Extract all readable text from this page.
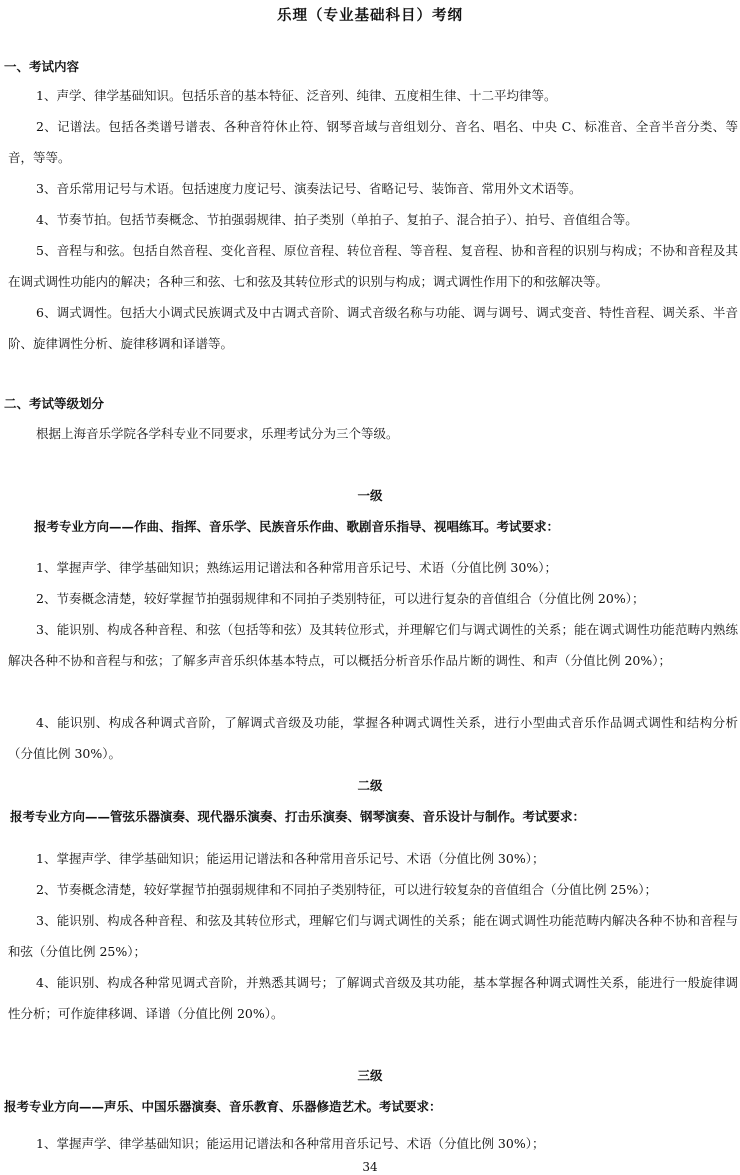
乐理（专业基础科目）考纲
一、考试内容

1、声学、律学基础知识。包括乐音的基本特征、泛音列、纯律、五度相生律、十二平均律等。

2、记谱法。包括各类谱号谱表、各种音符休止符、钢琴音域与音组划分、音名、唱名、中央 C、标准音、全音半音分类、等音，等等。

3、音乐常用记号与术语。包括速度力度记号、演奏法记号、省略记号、装饰音、常用外文术语等。

4、节奏节拍。包括节奏概念、节拍强弱规律、拍子类别（单拍子、复拍子、混合拍子）、拍号、音值组合等。

5、音程与和弦。包括自然音程、变化音程、原位音程、转位音程、等音程、复音程、协和音程的识别与构成；不协和音程及其在调式调性功能内的解决；各种三和弦、七和弦及其转位形式的识别与构成；调式调性作用下的和弦解决等。

6、调式调性。包括大小调式民族调式及中古调式音阶、调式音级名称与功能、调与调号、调式变音、特性音程、调关系、半音阶、旋律调性分析、旋律移调和译谱等。

二、考试等级划分

根据上海音乐学院各学科专业不同要求，乐理考试分为三个等级。

一级
报考专业方向——作曲、指挥、音乐学、民族音乐作曲、歌剧音乐指导、视唱练耳。考试要求：

1、掌握声学、律学基础知识；熟练运用记谱法和各种常用音乐记号、术语（分值比例 30%）；

2、节奏概念清楚，较好掌握节拍强弱规律和不同拍子类别特征，可以进行复杂的音值组合（分值比例 20%）；

3、能识别、构成各种音程、和弦（包括等和弦）及其转位形式，并理解它们与调式调性的关系；能在调式调性功能范畴内熟练解决各种不协和音程与和弦；了解多声音乐织体基本特点，可以概括分析音乐作品片断的调性、和声（分值比例 20%）；

4、能识别、构成各种调式音阶，了解调式音级及功能，掌握各种调式调性关系，进行小型曲式音乐作品调式调性和结构分析（分值比例 30%）。

二级
报考专业方向——管弦乐器演奏、现代器乐演奏、打击乐演奏、钢琴演奏、音乐设计与制作。考试要求：

1、掌握声学、律学基础知识；能运用记谱法和各种常用音乐记号、术语（分值比例 30%）；

2、节奏概念清楚，较好掌握节拍强弱规律和不同拍子类别特征，可以进行较复杂的音值组合（分值比例 25%）；

3、能识别、构成各种音程、和弦及其转位形式，理解它们与调式调性的关系；能在调式调性功能范畴内解决各种不协和音程与和弦（分值比例 25%）；

4、能识别、构成各种常见调式音阶，并熟悉其调号；了解调式音级及其功能，基本掌握各种调式调性关系，能进行一般旋律调性分析；可作旋律移调、译谱（分值比例 20%）。

三级
报考专业方向——声乐、中国乐器演奏、音乐教育、乐器修造艺术。考试要求：

1、掌握声学、律学基础知识；能运用记谱法和各种常用音乐记号、术语（分值比例 30%）；

34
